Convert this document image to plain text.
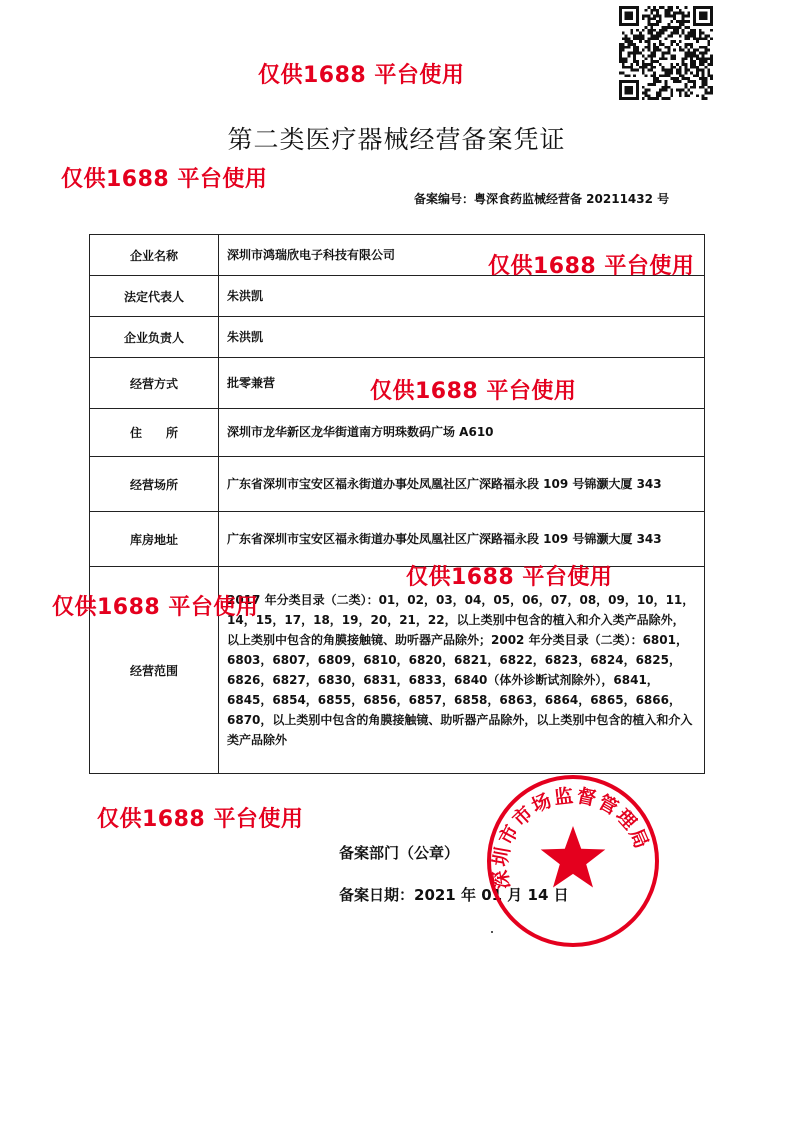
第二类医疗器械经营备案凭证
备案编号：粤深食药监械经营备 20211432 号
企业名称	深圳市鸿瑞欣电子科技有限公司
法定代表人	朱洪凯
企业负责人	朱洪凯
经营方式	批零兼营
住　　所	深圳市龙华新区龙华街道南方明珠数码广场 A610
经营场所	广东省深圳市宝安区福永街道办事处凤凰社区广深路福永段 109 号锦灏大厦 343
库房地址	广东省深圳市宝安区福永街道办事处凤凰社区广深路福永段 109 号锦灏大厦 343
经营范围	2017 年分类目录（二类）：01，02，03，04，05，06，07，08，09，10，11，14，15，17，18，19，20，21，22，以上类别中包含的植入和介入类产品除外，以上类别中包含的角膜接触镜、助听器产品除外；2002 年分类目录（二类）：6801，6803，6807，6809，6810，6820，6821，6822，6823，6824，6825，6826，6827，6830，6831，6833，6840（体外诊断试剂除外），6841，6845，6854，6855，6856，6857，6858，6863，6864，6865，6866，6870，以上类别中包含的角膜接触镜、助听器产品除外，以上类别中包含的植入和介入类产品除外
备案部门（公章）
备案日期：2021 年 01 月 14 日
深圳市市场监督管理局
仅供1688 平台使用
仅供1688 平台使用
仅供1688 平台使用
仅供1688 平台使用
仅供1688 平台使用
仅供1688 平台使用
仅供1688 平台使用
